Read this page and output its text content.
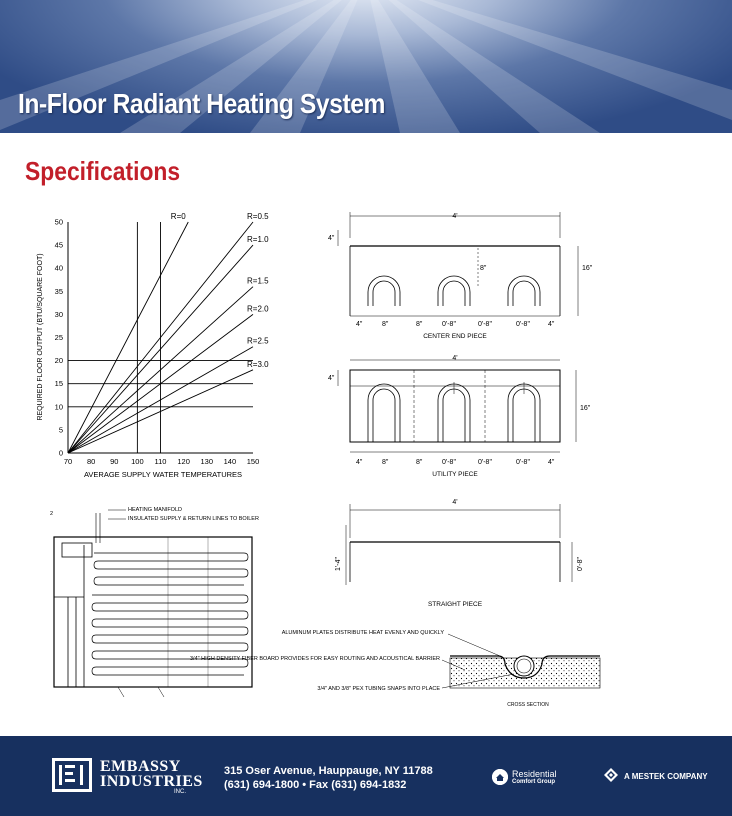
In-Floor Radiant Heating System
Specifications
0
5
10
15
20
25
30
35
40
45
50
70 80 90 100 110 120 130 140 150
R=0	R=0.5
R=1.0
R=1.5
R=2.0
R=2.5
R=3.0
AVERAGE SUPPLY WATER TEMPERATURES
REQUIRED FLOOR OUTPUT (BTU/SQUARE FOOT)
4'
4"
8"	16"
4"	8"	8"	0'-8"	0'-8"	0'-8"	4"
CENTER END PIECE
4'
4"
16"
4"	8"	8"	0'-8"	0'-8"	0'-8"	4"
UTILITY PIECE
4'
1'-4"	0'-8"
STRAIGHT PIECE
ALUMINUM PLATES DISTRIBUTE HEAT EVENLY AND QUICKLY
3/4" HIGH DENSITY FIBER BOARD PROVIDES FOR EASY ROUTING AND ACOUSTICAL BARRIER
3/4" AND 3/8" PEX TUBING SNAPS INTO PLACE
CROSS SECTION
2
HEATING MANIFOLD
INSULATED SUPPLY & RETURN LINES TO BOILER
EMBASSY
INDUSTRIES
INC.
315 Oser Avenue, Hauppauge, NY 11788
(631) 694-1800 • Fax (631) 694-1832
Residential
Comfort Group
A MESTEK COMPANY
